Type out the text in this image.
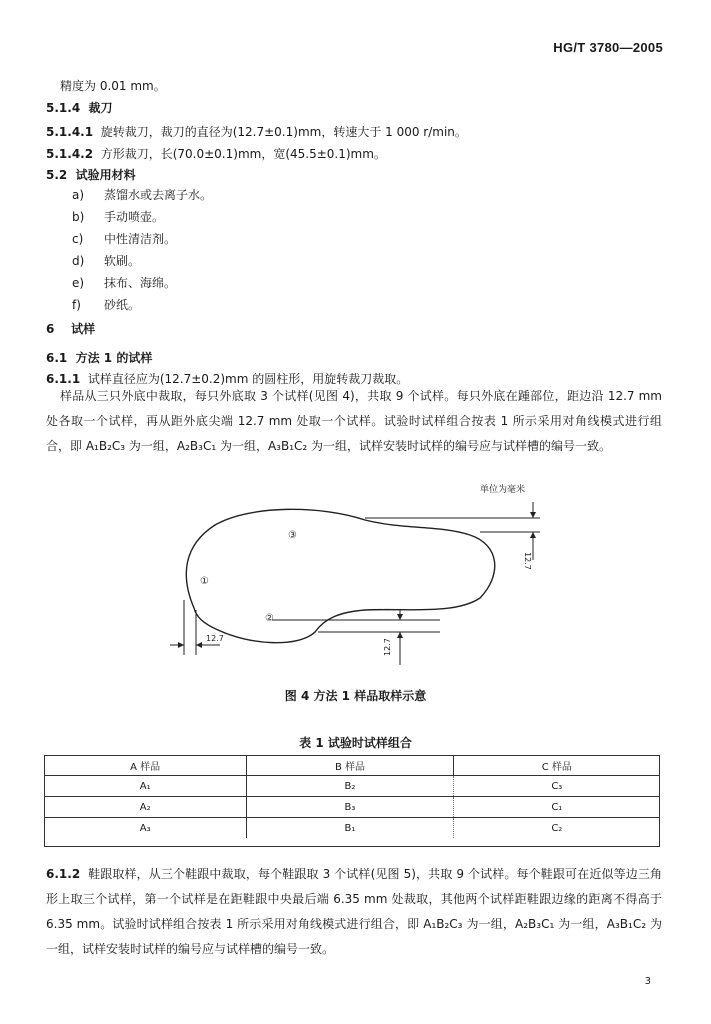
HG/T 3780—2005
精度为 0.01 mm。
5.1.4 裁刀
5.1.4.1 旋转裁刀，裁刀的直径为(12.7±0.1)mm，转速大于 1 000 r/min。
5.1.4.2 方形裁刀，长(70.0±0.1)mm，宽(45.5±0.1)mm。
5.2 试验用材料
a) 蒸馏水或去离子水。
b) 手动喷壶。
c) 中性清洁剂。
d) 软刷。
e) 抹布、海绵。
f) 砂纸。
6 试样
6.1 方法 1 的试样
6.1.1 试样直径应为(12.7±0.2)mm 的圆柱形，用旋转裁刀裁取。
样品从三只外底中裁取，每只外底取 3 个试样(见图 4)，共取 9 个试样。每只外底在踵部位，距边沿 12.7 mm 处各取一个试样，再从距外底尖端 12.7 mm 处取一个试样。试验时试样组合按表 1 所示采用对角线模式进行组合，即 A₁B₂C₃ 为一组，A₂B₃C₁ 为一组，A₃B₁C₂ 为一组，试样安装时试样的编号应与试样槽的编号一致。
单位为毫米
12.7
③
①
②
12.7	12.7
图 4 方法 1 样品取样示意
表 1 试验时试样组合
A 样品	B 样品	C 样品
A₁	B₂	C₃
A₂	B₃	C₁
A₃	B₁	C₂
6.1.2 鞋跟取样，从三个鞋跟中裁取，每个鞋跟取 3 个试样(见图 5)，共取 9 个试样。每个鞋跟可在近似等边三角形上取三个试样，第一个试样是在距鞋跟中央最后端 6.35 mm 处裁取，其他两个试样距鞋跟边缘的距离不得高于 6.35 mm。试验时试样组合按表 1 所示采用对角线模式进行组合，即 A₁B₂C₃ 为一组，A₂B₃C₁ 为一组，A₃B₁C₂ 为一组，试样安装时试样的编号应与试样槽的编号一致。
3
